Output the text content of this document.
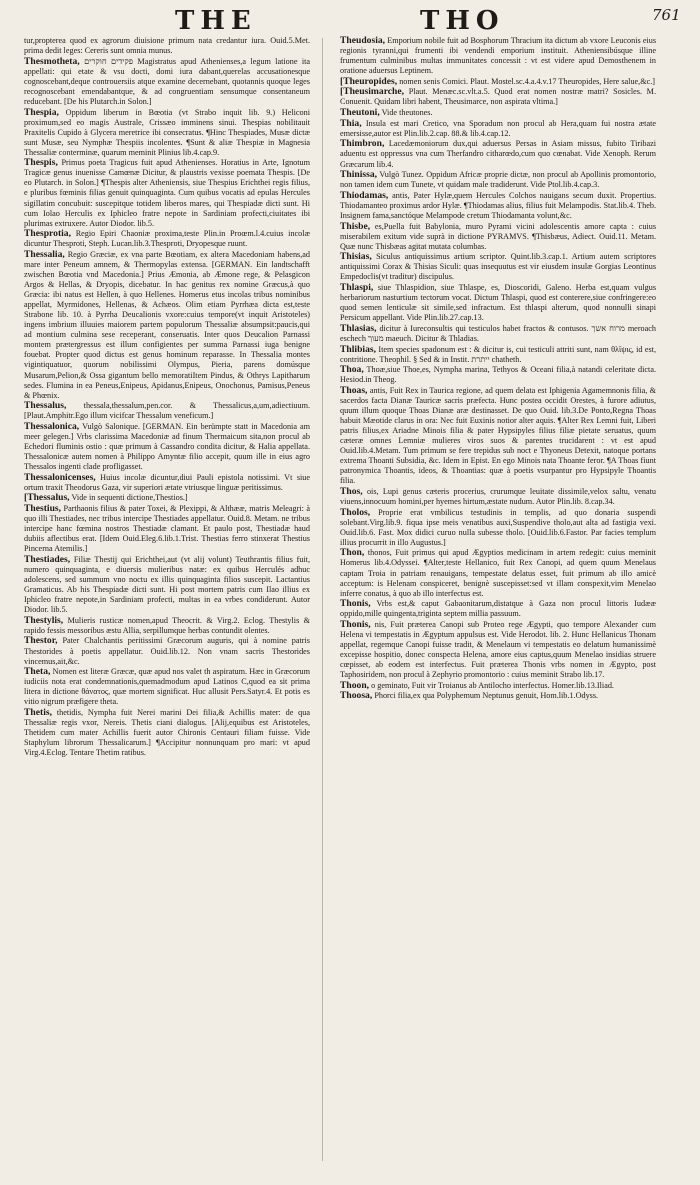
THE	THO	761

tur,propterea quod ex agrorum diuisione primum nata credantur iura. Ouid.5.Met. prima dedit leges: Cereris sunt omnia munus.

Thesmotheta, פקידים חוקרים Magistratus apud Athenienses,a legum latione ita appellati: qui etate & vsu docti, domi iura dabant,querelas accusationesque cognoscebant,deque controuersiis atque examine decernebant, quotannis quoque leges recognoscebant emendabantque, & ad congruentiam sensumque consentaneum reducebant. [De his Plutarch.in Solon.]

Thespia, Oppidum liberum in Bœotia (vt Strabo inquit lib. 9.) Heliconi proximum,sed eo magis Australe, Crissæo imminens sinui. Thespias nobilitauit Praxitelis Cupido à Glycera meretrice ibi consecratus. ¶Hinc Thespiades, Musæ dictæ sunt Musæ, seu Nymphæ Thespiis incolentes. ¶Sunt & aliæ Thespiæ in Magnesia Thessaliæ conterminæ, quarum meminit Plinius lib.4.cap.9.

Thespis, Primus poeta Tragicus fuit apud Athenienses. Horatius in Arte, Ignotum Tragicæ genus inuenisse Camœnæ Dicitur, & plaustris vexisse poemata Thespis. [De eo Plutarch. in Solon.] ¶Thespis alter Atheniensis, siue Thespius Erichthei regis filius, e pluribus fœminis filias genuit quinquaginta. Cum quibus vocatis ad epulas Hercules sigillatim concubuit: suscepitque totidem liberos mares, qui Thespiadæ dicti sunt. Hi cum Iolao Herculis ex Iphicleo fratre nepote in Sardiniam profecti,ciuitates ibi plurimas extruxere. Autor Diodor. lib.5.

Thesprotia, Regio Epiri Chaoniæ proxima,teste Plin.in Proœm.l.4.cuius incolæ dicuntur Thesproti, Steph. Lucan.lib.3.Thesproti, Dryopesque ruunt.

Thessalia, Regio Græciæ, ex vna parte Bœotiam, ex altera Macedoniam habens,ad mare inter Peneum amnem, & Thermopylas extensa. [GERMAN. Ein landtschafft zwischen Bœotia vnd Macedonia.] Prius Æmonia, ab Æmone rege, & Pelasgicon Argos & Hellas, & Dryopis, dicebatur. In hac genitus rex nomine Græcus,à quo Græcia: ibi natus est Hellen, à quo Hellenes. Homerus etus incolas tribus nominibus appellat, Myrmidones, Hellenas, & Achæos. Olim etiam Pyrrhæa dicta est,teste Strabone lib. 10. à Pyrrha Deucalionis vxore:cuius tempore(vt inquit Aristoteles) ingens imbrium illuuies maiorem partem populorum Thessaliæ absumpsit:paucis,qui ad montium culmina sese receperant, conseruatis. Inter quos Deucalion Parnassi montem prætergressus est illum configientes per summa Parnassi iuga benigne fouebat. Propter quod dictus est genus hominum reparasse. In Thessalia montes vigintiquatuor, quorum nobilissimi Olympus, Pieria, parens domúsque Musarum,Pelion,& Ossa gigantum bello memoratiItem Pindus, & Othrys Lapitharum sedes. Flumina in ea Peneus,Enipeus, Apidanus,Enipeus, Onochonus, Pamisus,Peneus & Phœnix.

Thessalus, thessala,thessalum,pen.cor. & Thessalicus,a,um,adiectiuum. [Plaut.Amphitr.Ego illum vicifcar Thessalum veneficum.]

Thessalonica, Vulgò Salonique. [GERMAN. Ein berümpte statt in Macedonia am meer gelegen.] Vrbs clarissima Macedoniæ ad finum Thermaicum sita,non procul ab Echedori fluminis ostio : quæ primum à Cassandro condita dicitur, & Halia appellata. Thessalonicæ autem nomen à Philippo Amyntæ filio accepit, quum ille in eius agro Thessalos ingenti clade profligasset.

Thessalonicenses, Huius incolæ dicuntur,diui Pauli epistola notissimi. Vt siue ortum traxit Theodorus Gaza, vir superiori ætate vtriusque linguæ peritissimus.

[Thessalus, Vide in sequenti dictione,Thestios.]

Thestius, Parthaonis filius & pater Toxei, & Plexippi, & Althææ, matris Meleagri: à quo illi Thestiades, nec tribus intercipe Thestiades appellatur. Ouid.8. Metam. ne tribus intercipe hanc fœmina nostros Thestiadæ clamant. Et paulo post, Thestiadæ haud dubiis aflectibus erat. [Idem Ouid.Eleg.6.lib.1.Trist. Thestias ferro stinxerat Thestius Pincerna Atemilis.]

Thestiades, Filiæ Thestij qui Erichthei,aut (vt alij volunt) Teuthrantis filius fuit, numero quinquaginta, e diuersis mulieribus natæ: ex quibus Herculés adhuc adolescens, sed summum vno noctu ex illis quinquaginta filios suscepit. Lactantius Gramaticus. Ab his Thespiadæ dicti sunt. Hi post mortem patris cum Ilao illius ex Iphicleo fratre nepote,in Sardiniam profecti, multas in ea vrbes condiderunt. Autor Diodor. lib.5.

Thestylis, Mulieris rusticæ nomen,apud Theocrit. & Virg.2. Eclog. Thestylis & rapido fessis messoribus æstu Allia, serpillumque herbas contundit olentes.

Thestor, Pater Chalchantis peritissimi Græcorum auguris, qui à nomine patris Thestorides à poetis appellatur. Ouid.lib.12. Non vnam sacris Thestorides vincemus,ait,&c.

Theta, Nomen est literæ Græcæ, quæ apud nos valet th aspiratum. Hæc in Græcorum iudiciis nota erat condemnationis,quemadmodum apud Latinos C,quod ea sit prima litera in dictione θάνατος, quæ mortem significat. Huc allusit Pers.Satyr.4. Et potis es vitio nigrum præfigere theta.

Thetis, thetidis, Nympha fuit Nerei marini Dei filia,& Achillis mater: de qua Thessaliæ regis vxor, Nereis. Thetis ciani dialogus. [Alij,equibus est Aristoteles, Thetidem cum mater Achillis fuerit autor Chironis Centauri filiam fuisse. Vide Staphylum librorum Thessalicarum.] ¶Accipitur nonnunquam pro mari: vt apud Virg.4.Eclog. Tentare Thetim ratibus.

Theudosia, Emporium nobile fuit ad Bosphorum Thracium ita dictum ab vxore Leuconis eius regionis tyranni,qui frumenti ibi vendendi emporium instituit. Atheniensibúsque illine frumentum culminibus multas immunitates concessit : vt est videre apud Demosthenem in oratione aduersus Leptinem.

[Theuropides, nomen senis Comici. Plaut. Mostel.sc.4.a.4.v.17 Theuropides, Here salue,&c.]

[Theusimarche, Plaut. Menæc.sc.vlt.a.5. Quod erat nomen nostræ matri? Sosicles. M. Conuenit. Quidam libri habent, Theusimarce, non aspirata vltima.]

Theutoni, Vide theutones.

Thia, Insula est mari Cretico, vna Sporadum non procul ab Hera,quam fui nostra ætate emersisse,autor est Plin.lib.2.cap. 88.& lib.4.cap.12.

Thimbron, Lacedæmoniorum dux,qui aduersus Persas in Asiam missus, fubito Tiribazi aduentu est oppressus vna cum Therfandro citharœdo,cum quo cœnabat. Vide Xenoph. Rerum Græcarum lib.4.

Thinissa, Vulgò Tunez. Oppidum Africæ proprie dictæ, non procul ab Apollinis promontorio, non tamen idem cum Tunete, vt quidam male tradiderunt. Vide Ptol.lib.4.cap.3.

Thiodamas, antis, Pater Hylæ,quem Hercules Colchos nauigans secum duxit. Propertius. Thiodamanteo proximus ardor Hylæ. ¶Thiodamas alius, filius fuit Melampodis. Stat.lib.4. Theb. Insignem fama,sanctóque Melampode cretum Thiodamanta volunt,&c.

Thisbe, es,Puella fuit Babylonia, muro Pyrami vicini adolescentis amore capta : cuius miserabilem exitum vide suprà in dictione PYRAMVS. ¶Thisbæus, Adiect. Ouid.11. Metam. Quæ nunc Thisbæas agitat mutata columbas.

Thisias, Siculus antiquissimus artium scriptor. Quint.lib.3.cap.1. Artium autem scriptores antiquissimi Corax & Thisias Siculi: quas insequutus est vir eiusdem insulæ Gorgias Leontinus Empedoclis(vt traditur) discipulus.

Thlaspi, siue Thlaspidion, siue Thlaspe, es, Dioscoridi, Galeno. Herba est,quam vulgus herbariorum nasturtium tectorum vocat. Dictum Thlaspi, quod est conterere,siue confringere:eo quod semen lenticulæ sit simile,sed infractum. Est thlaspi alterum, quod nonnulli sinapi Persicum appellant. Vide Plin.lib.27.cap.13.

Thlasias, dicitur à Iureconsultis qui testiculos habet fractos & contusos. מרוח אשך meroach eschech מעוך maeuch. Dicitur & Thladias.

Thlibias, Item species spadonum est : & dicitur is, cui testiculi attriti sunt, nam θλῖψις, id est, contritione. Theophil. § Sed & in Instit. ייתרת chatheth.

Thoa, Thoæ,siue Thoe,es, Nympha marina, Tethyos & Oceani filia,à natandi celeritate dicta. Hesiod.in Theog.

Thoas, antis, Fuit Rex in Taurica regione, ad quem delata est Iphigenia Agamemnonis filia, & sacerdos facta Dianæ Tauricæ sacris præfecta. Hunc postea occidit Orestes, à furore adiutus, quum illum quoque Thoas Dianæ aræ destinasset. De quo Ouid. lib.3.De Ponto,Regna Thoas habuit Mæotide clarus in ora: Nec fuit Euxinis notior alter aquis. ¶Alter Rex Lemni fuit, Liberi patris filius,ex Ariadne Minois filia & pater Hypsipyles filius filiæ pietate seruatus, quum cæteræ omnes Lemniæ mulieres viros suos & parentes trucidarent : vt est apud Ouid.lib.4.Metam. Tum primum se fere trepidus sub noct e Thyoneus Detexit, natoque portans extrema Thoanti Subsidia, &c. Idem in Epist. En ego Minois nata Thoante feror. ¶A Thoas fiunt patronymica Thoantis, ideos, & Thoantias: quæ à poetis vsurpantur pro Hypsipyle Thoantis filia.

Thos, ois, Lupi genus cæteris procerius, crurumque leuitate dissimile,velox saltu, venatu viuens,innocuum homini,per hyemes hirtum,æstate nudum. Autor Plin.lib. 8.cap.34.

Tholos, Proprie erat vmbilicus testudinis in templis, ad quo donaria suspendi solebant.Virg.lib.9. fiqua ipse meis venatibus auxi,Suspendive tholo,aut alta ad fastigia vexi. Ouid.lib.6. Fast. Mox didici curuo nulla subesse tholo. [Ouid.lib.6.Fastor. Par facies templum illius procurrit in illo Augustus.]

Thon, thonos, Fuit primus qui apud Ægyptios medicinam in artem redegit: cuius meminit Homerus lib.4.Odyssei. ¶Alter,teste Hellanico, fuit Rex Canopi, ad quem quum Menelaus captam Troia in patriam renauigans, tempestate delatus esset, fuit primum ab illo amicè acceptum: is Helenam conspiceret, benignè suscepisset:sed vt illam conspexit,vim Menelao inferre conatus, à quo ab illo interfectus est.

Thonis, Vrbs est,& caput Gabaonitarum,distatque à Gaza non procul littoris Iudææ oppido,mille quingenta,triginta septem millia passuum.

Thonis, nis, Fuit præterea Canopi sub Proteo rege Ægypti, quo tempore Alexander cum Helena vi tempestatis in Ægyptum appulsus est. Vide Herodot. lib. 2. Hunc Hellanicus Thonam appellat, regemque Canopi fuisse tradit, & Menelaum vi tempestatis eo delatum humanissimè excepisse hospitio, donec conspecta Helena, amore eius captus,quum Menelao insidias struere cœpisset, ab eodem est interfectus. Fuit præterea Thonis vrbs nomen in Ægypto, post Taphosiridem, non procul à Zephyrio promontorio : cuius meminit Strabo lib.17.

Thoon, o geminato, Fuit vir Troianus ab Antilocho interfectus. Homer.lib.13.Iliad.

Thoosa, Phorci filia,ex qua Polyphemum Neptunus genuit, Hom.lib.1.Odyss.
